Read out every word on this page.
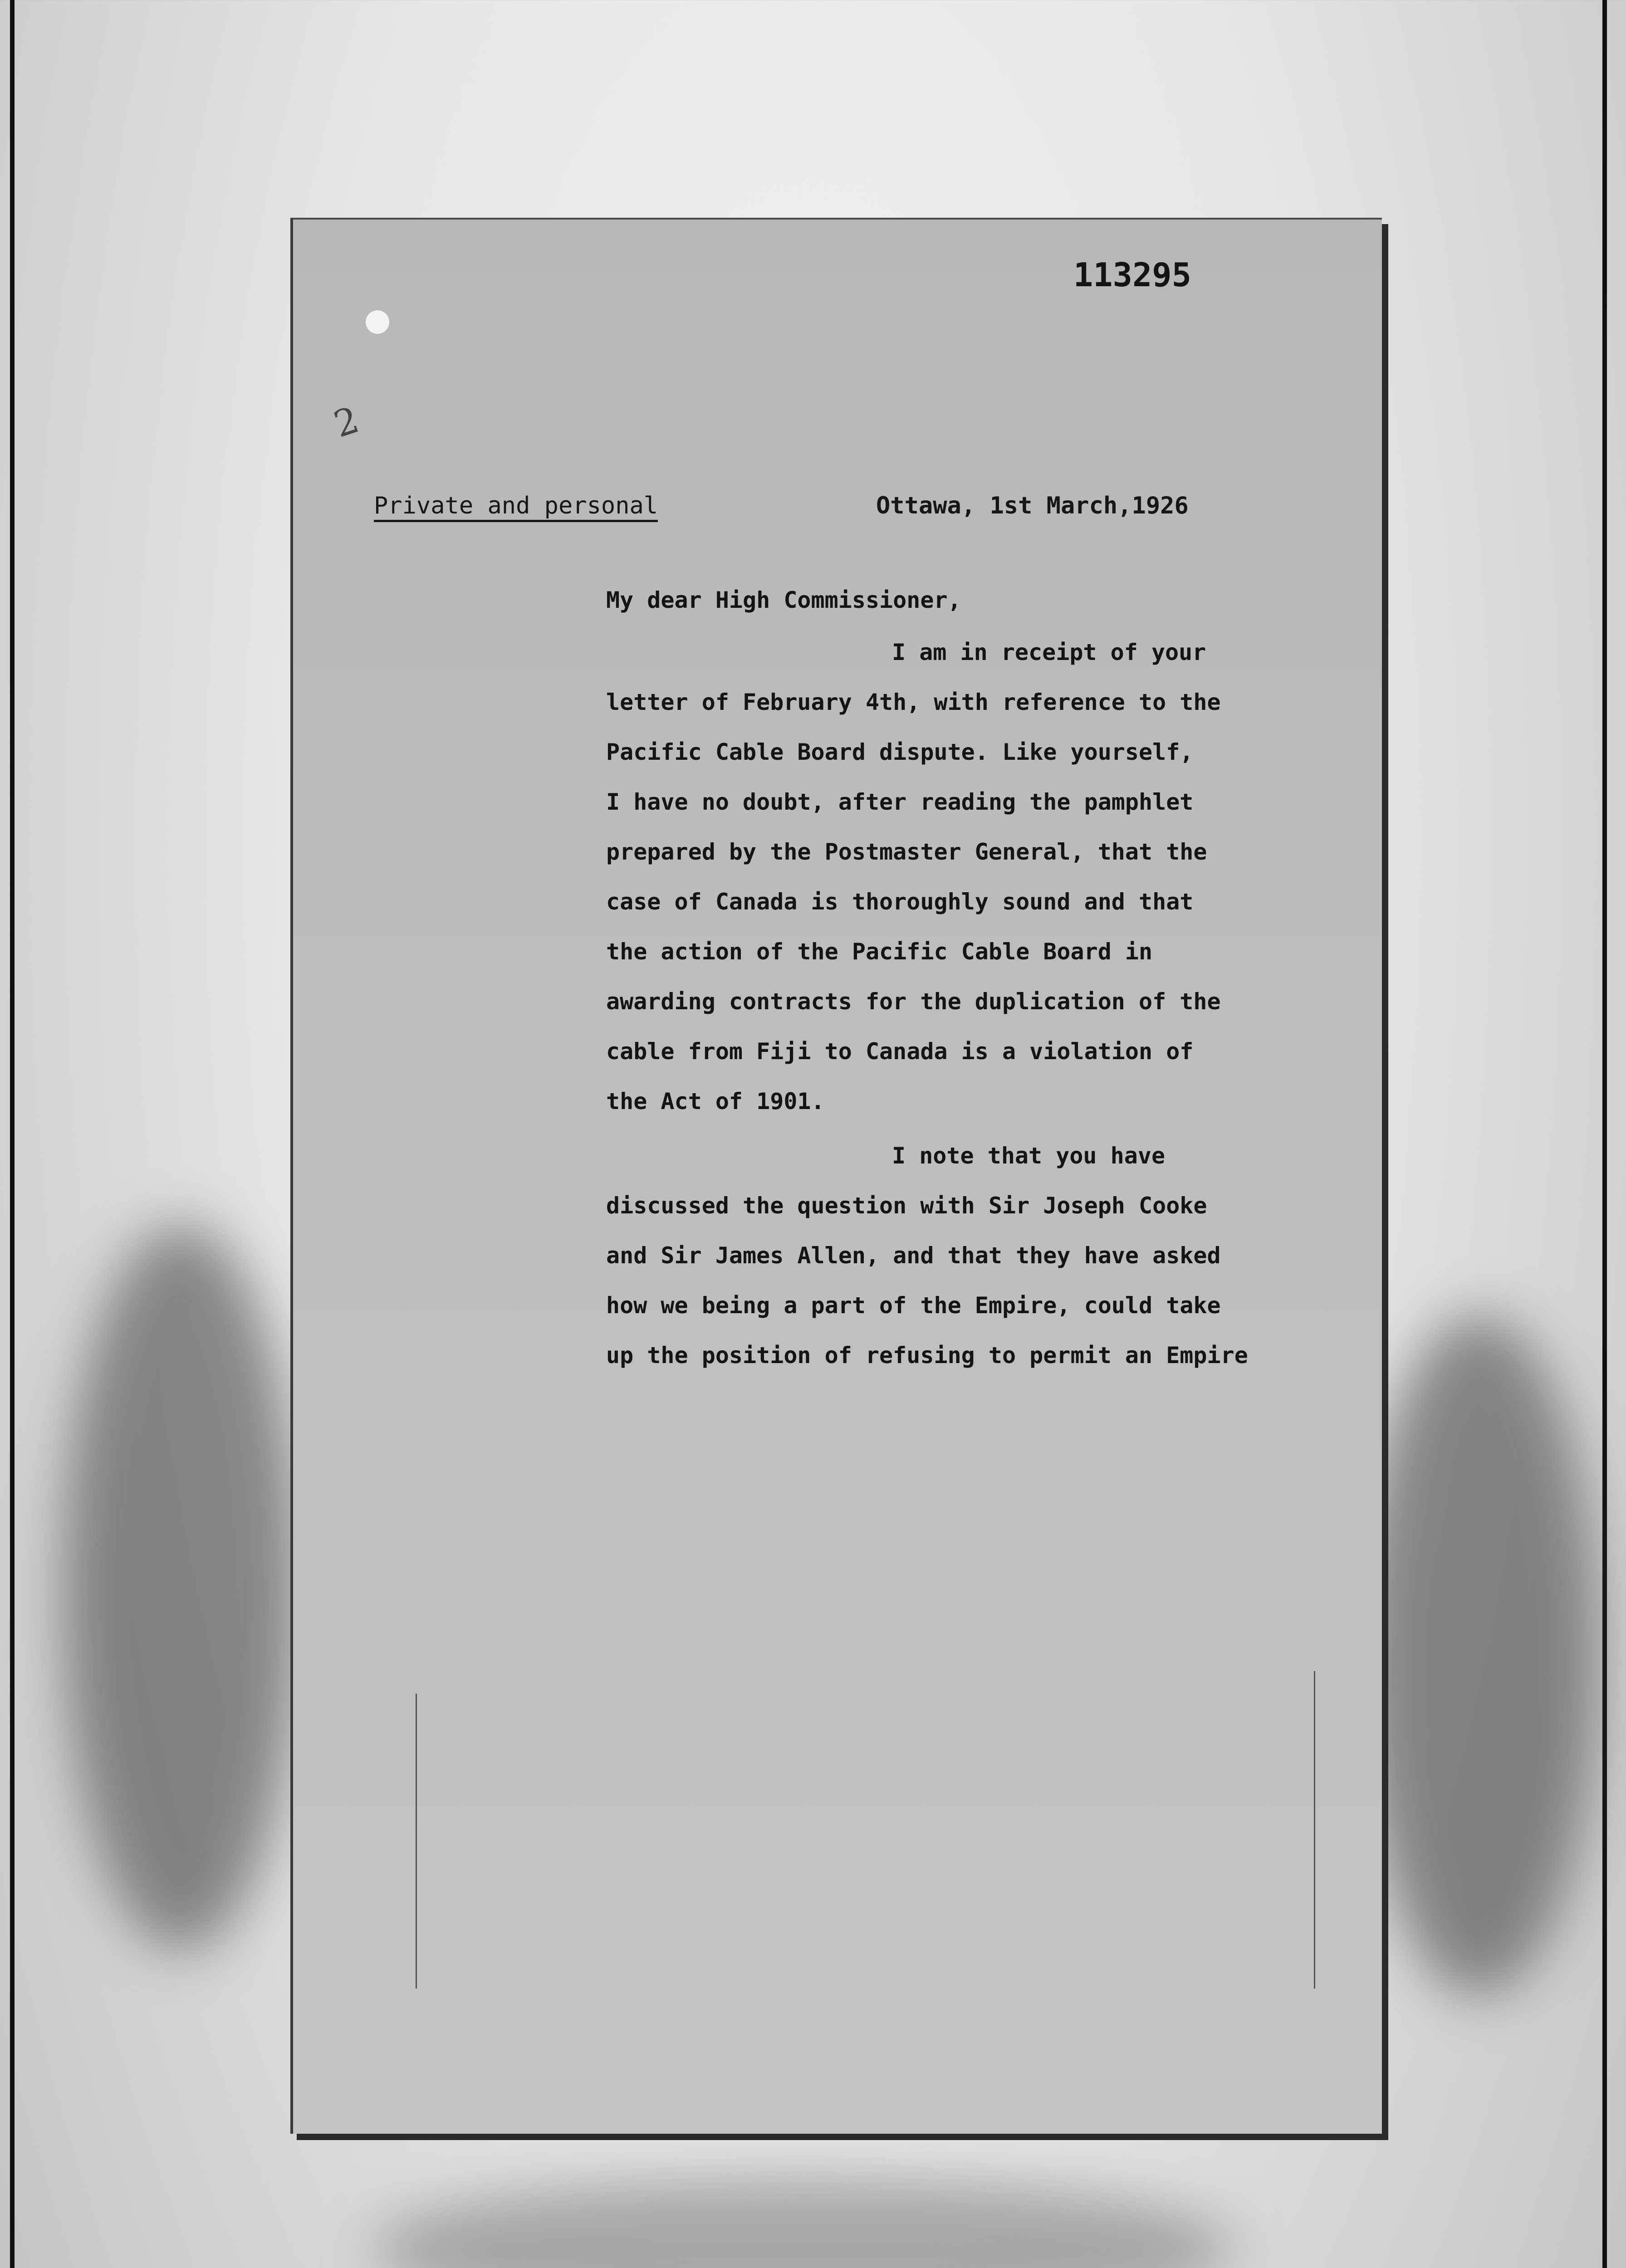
2
113295
Private and personal	Ottawa, 1st March,1926
My dear High Commissioner,
I am in receipt of your
letter of February 4th, with reference to the
Pacific Cable Board dispute. Like yourself,
I have no doubt, after reading the pamphlet
prepared by the Postmaster General, that the
case of Canada is thoroughly sound and that
the action of the Pacific Cable Board in
awarding contracts for the duplication of the
cable from Fiji to Canada is a violation of
the Act of 1901.
I note that you have
discussed the question with Sir Joseph Cooke
and Sir James Allen, and that they have asked
how we being a part of the Empire, could take
up the position of refusing to permit an Empire
